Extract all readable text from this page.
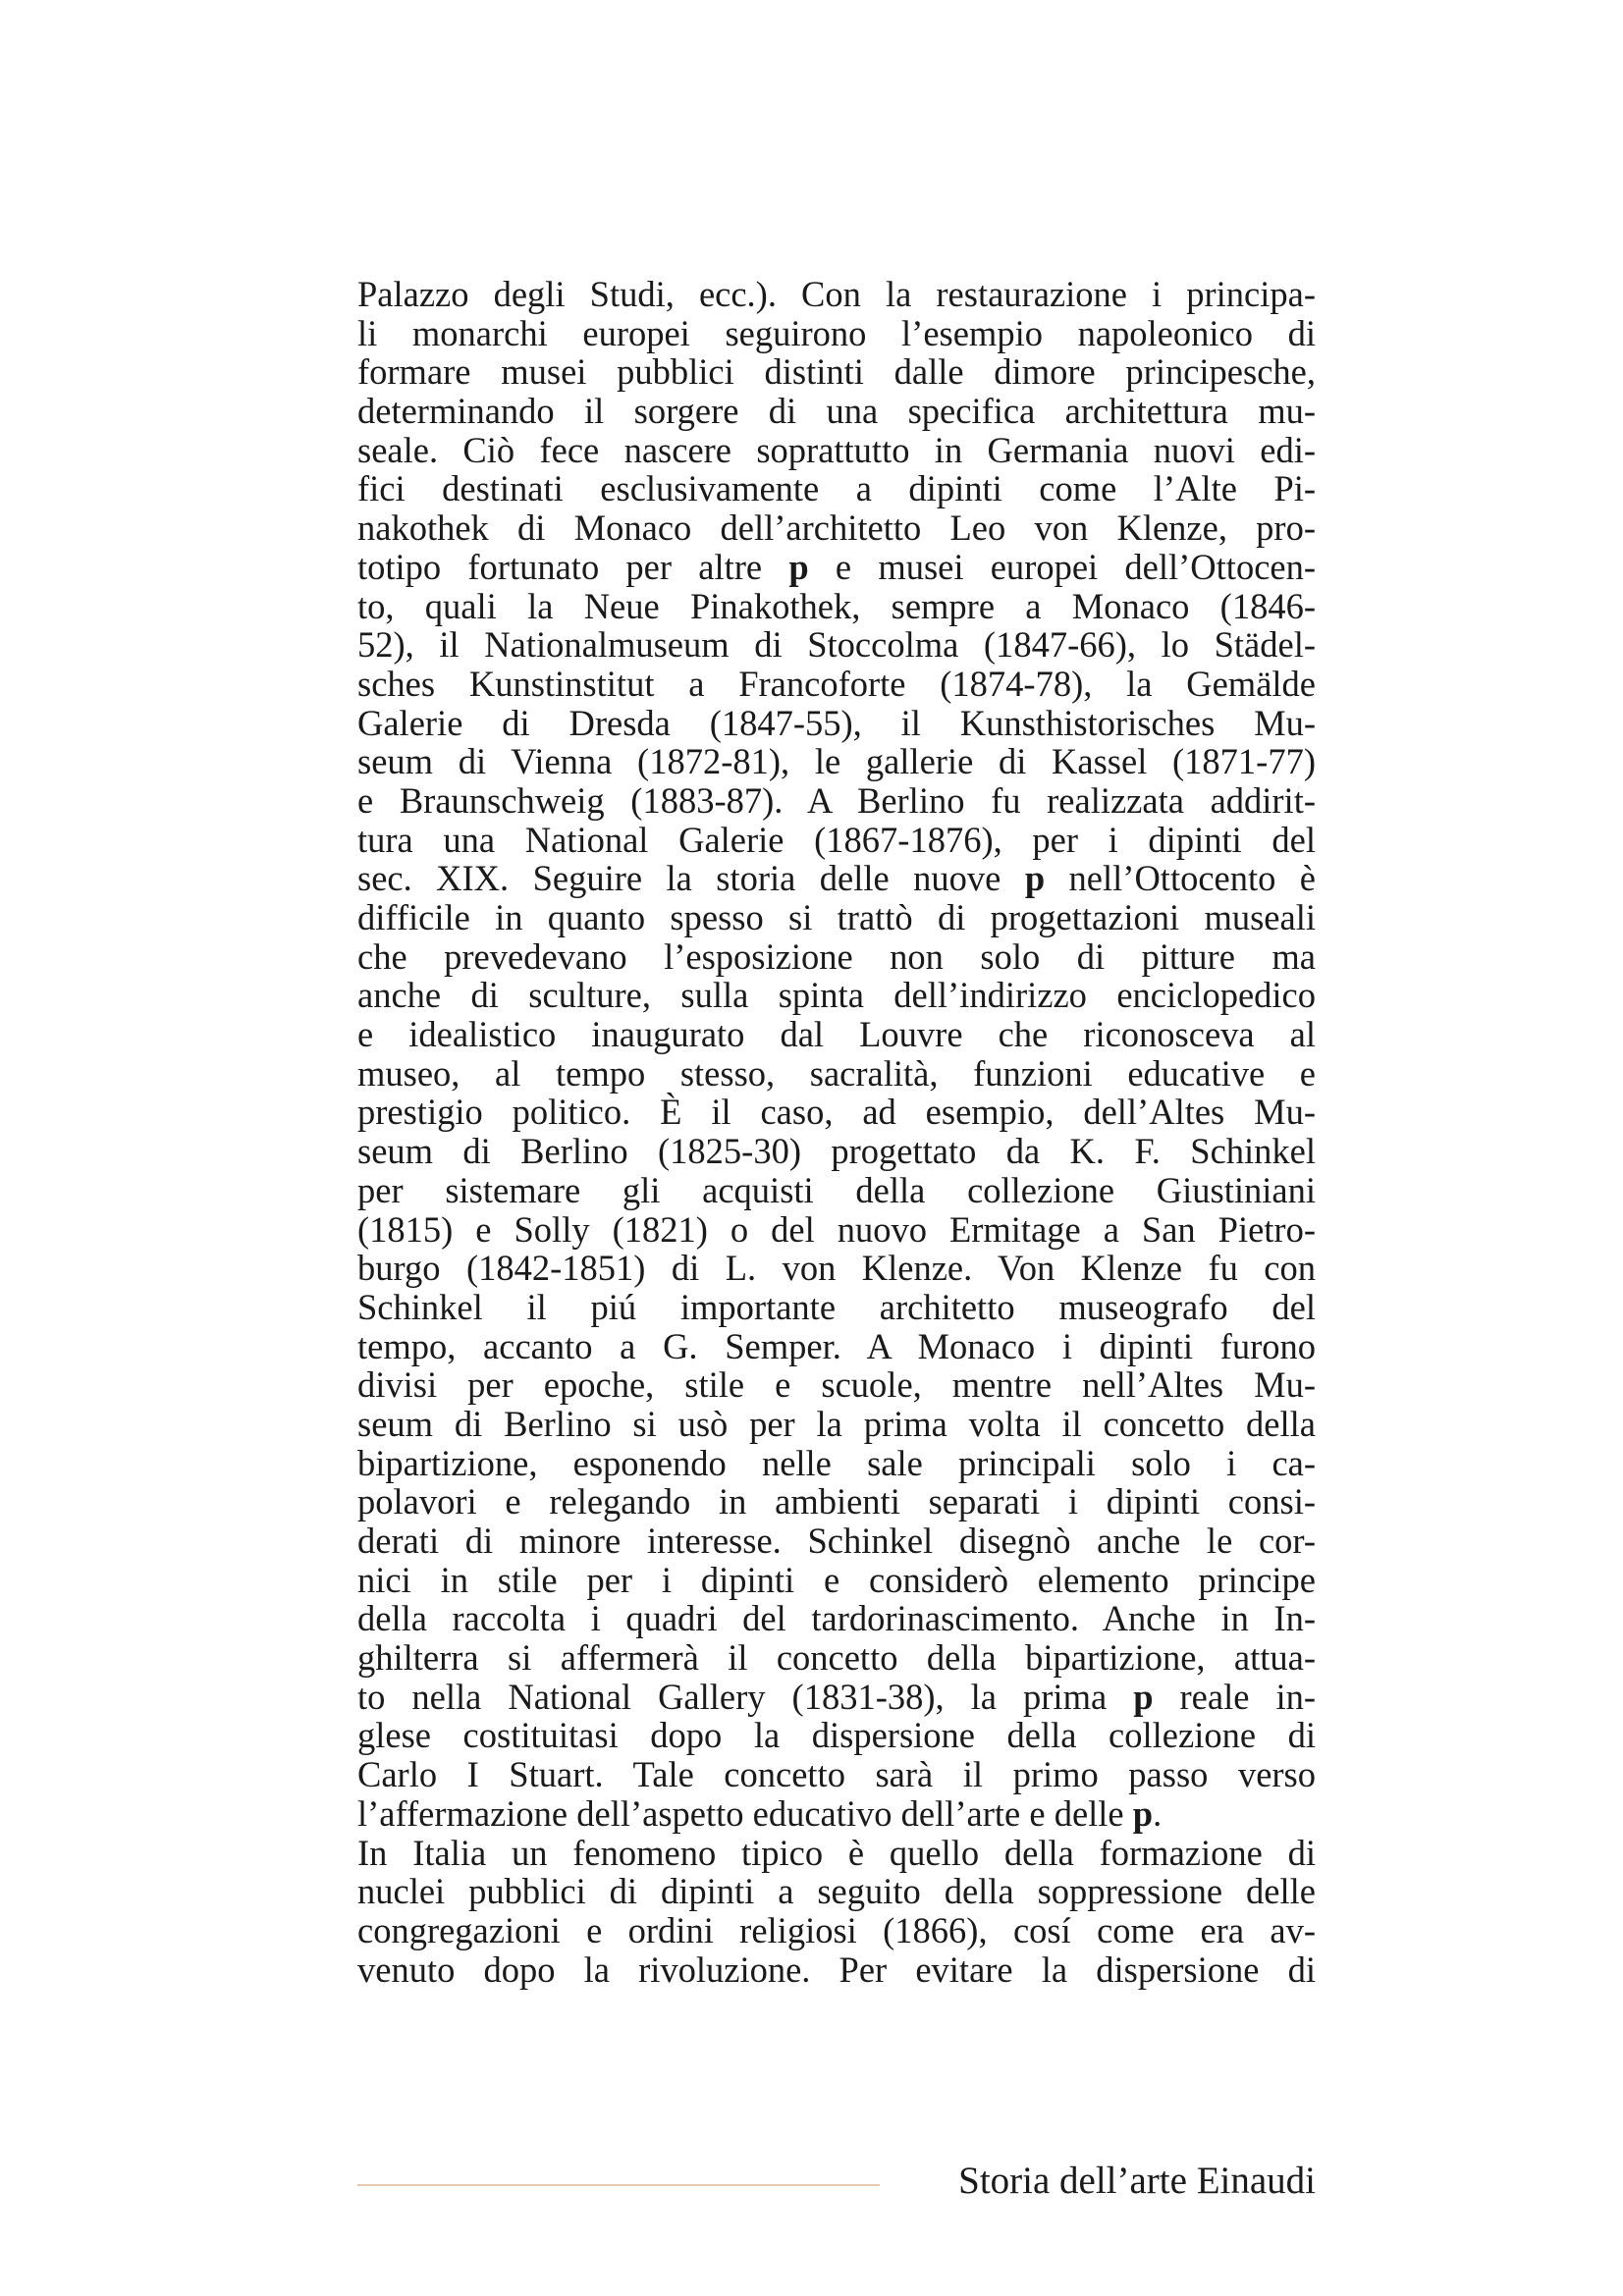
Palazzo degli Studi, ecc.). Con la restaurazione i principa-
li monarchi europei seguirono l’esempio napoleonico di
formare musei pubblici distinti dalle dimore principesche,
determinando il sorgere di una specifica architettura mu-
seale. Ciò fece nascere soprattutto in Germania nuovi edi-
fici destinati esclusivamente a dipinti come l’Alte Pi-
nakothek di Monaco dell’architetto Leo von Klenze, pro-
totipo fortunato per altre p e musei europei dell’Ottocen-
to, quali la Neue Pinakothek, sempre a Monaco (1846-
52), il Nationalmuseum di Stoccolma (1847-66), lo Städel-
sches Kunstinstitut a Francoforte (1874-78), la Gemälde
Galerie di Dresda (1847-55), il Kunsthistorisches Mu-
seum di Vienna (1872-81), le gallerie di Kassel (1871-77)
e Braunschweig (1883-87). A Berlino fu realizzata addirit-
tura una National Galerie (1867-1876), per i dipinti del
sec. XIX. Seguire la storia delle nuove p nell’Ottocento è
difficile in quanto spesso si trattò di progettazioni museali
che prevedevano l’esposizione non solo di pitture ma
anche di sculture, sulla spinta dell’indirizzo enciclopedico
e idealistico inaugurato dal Louvre che riconosceva al
museo, al tempo stesso, sacralità, funzioni educative e
prestigio politico. È il caso, ad esempio, dell’Altes Mu-
seum di Berlino (1825-30) progettato da K. F. Schinkel
per sistemare gli acquisti della collezione Giustiniani
(1815) e Solly (1821) o del nuovo Ermitage a San Pietro-
burgo (1842-1851) di L. von Klenze. Von Klenze fu con
Schinkel il piú importante architetto museografo del
tempo, accanto a G. Semper. A Monaco i dipinti furono
divisi per epoche, stile e scuole, mentre nell’Altes Mu-
seum di Berlino si usò per la prima volta il concetto della
bipartizione, esponendo nelle sale principali solo i ca-
polavori e relegando in ambienti separati i dipinti consi-
derati di minore interesse. Schinkel disegnò anche le cor-
nici in stile per i dipinti e considerò elemento principe
della raccolta i quadri del tardorinascimento. Anche in In-
ghilterra si affermerà il concetto della bipartizione, attua-
to nella National Gallery (1831-38), la prima p reale in-
glese costituitasi dopo la dispersione della collezione di
Carlo I Stuart. Tale concetto sarà il primo passo verso
l’affermazione dell’aspetto educativo dell’arte e delle p.
In Italia un fenomeno tipico è quello della formazione di
nuclei pubblici di dipinti a seguito della soppressione delle
congregazioni e ordini religiosi (1866), cosí come era av-
venuto dopo la rivoluzione. Per evitare la dispersione di
Storia dell’arte Einaudi
